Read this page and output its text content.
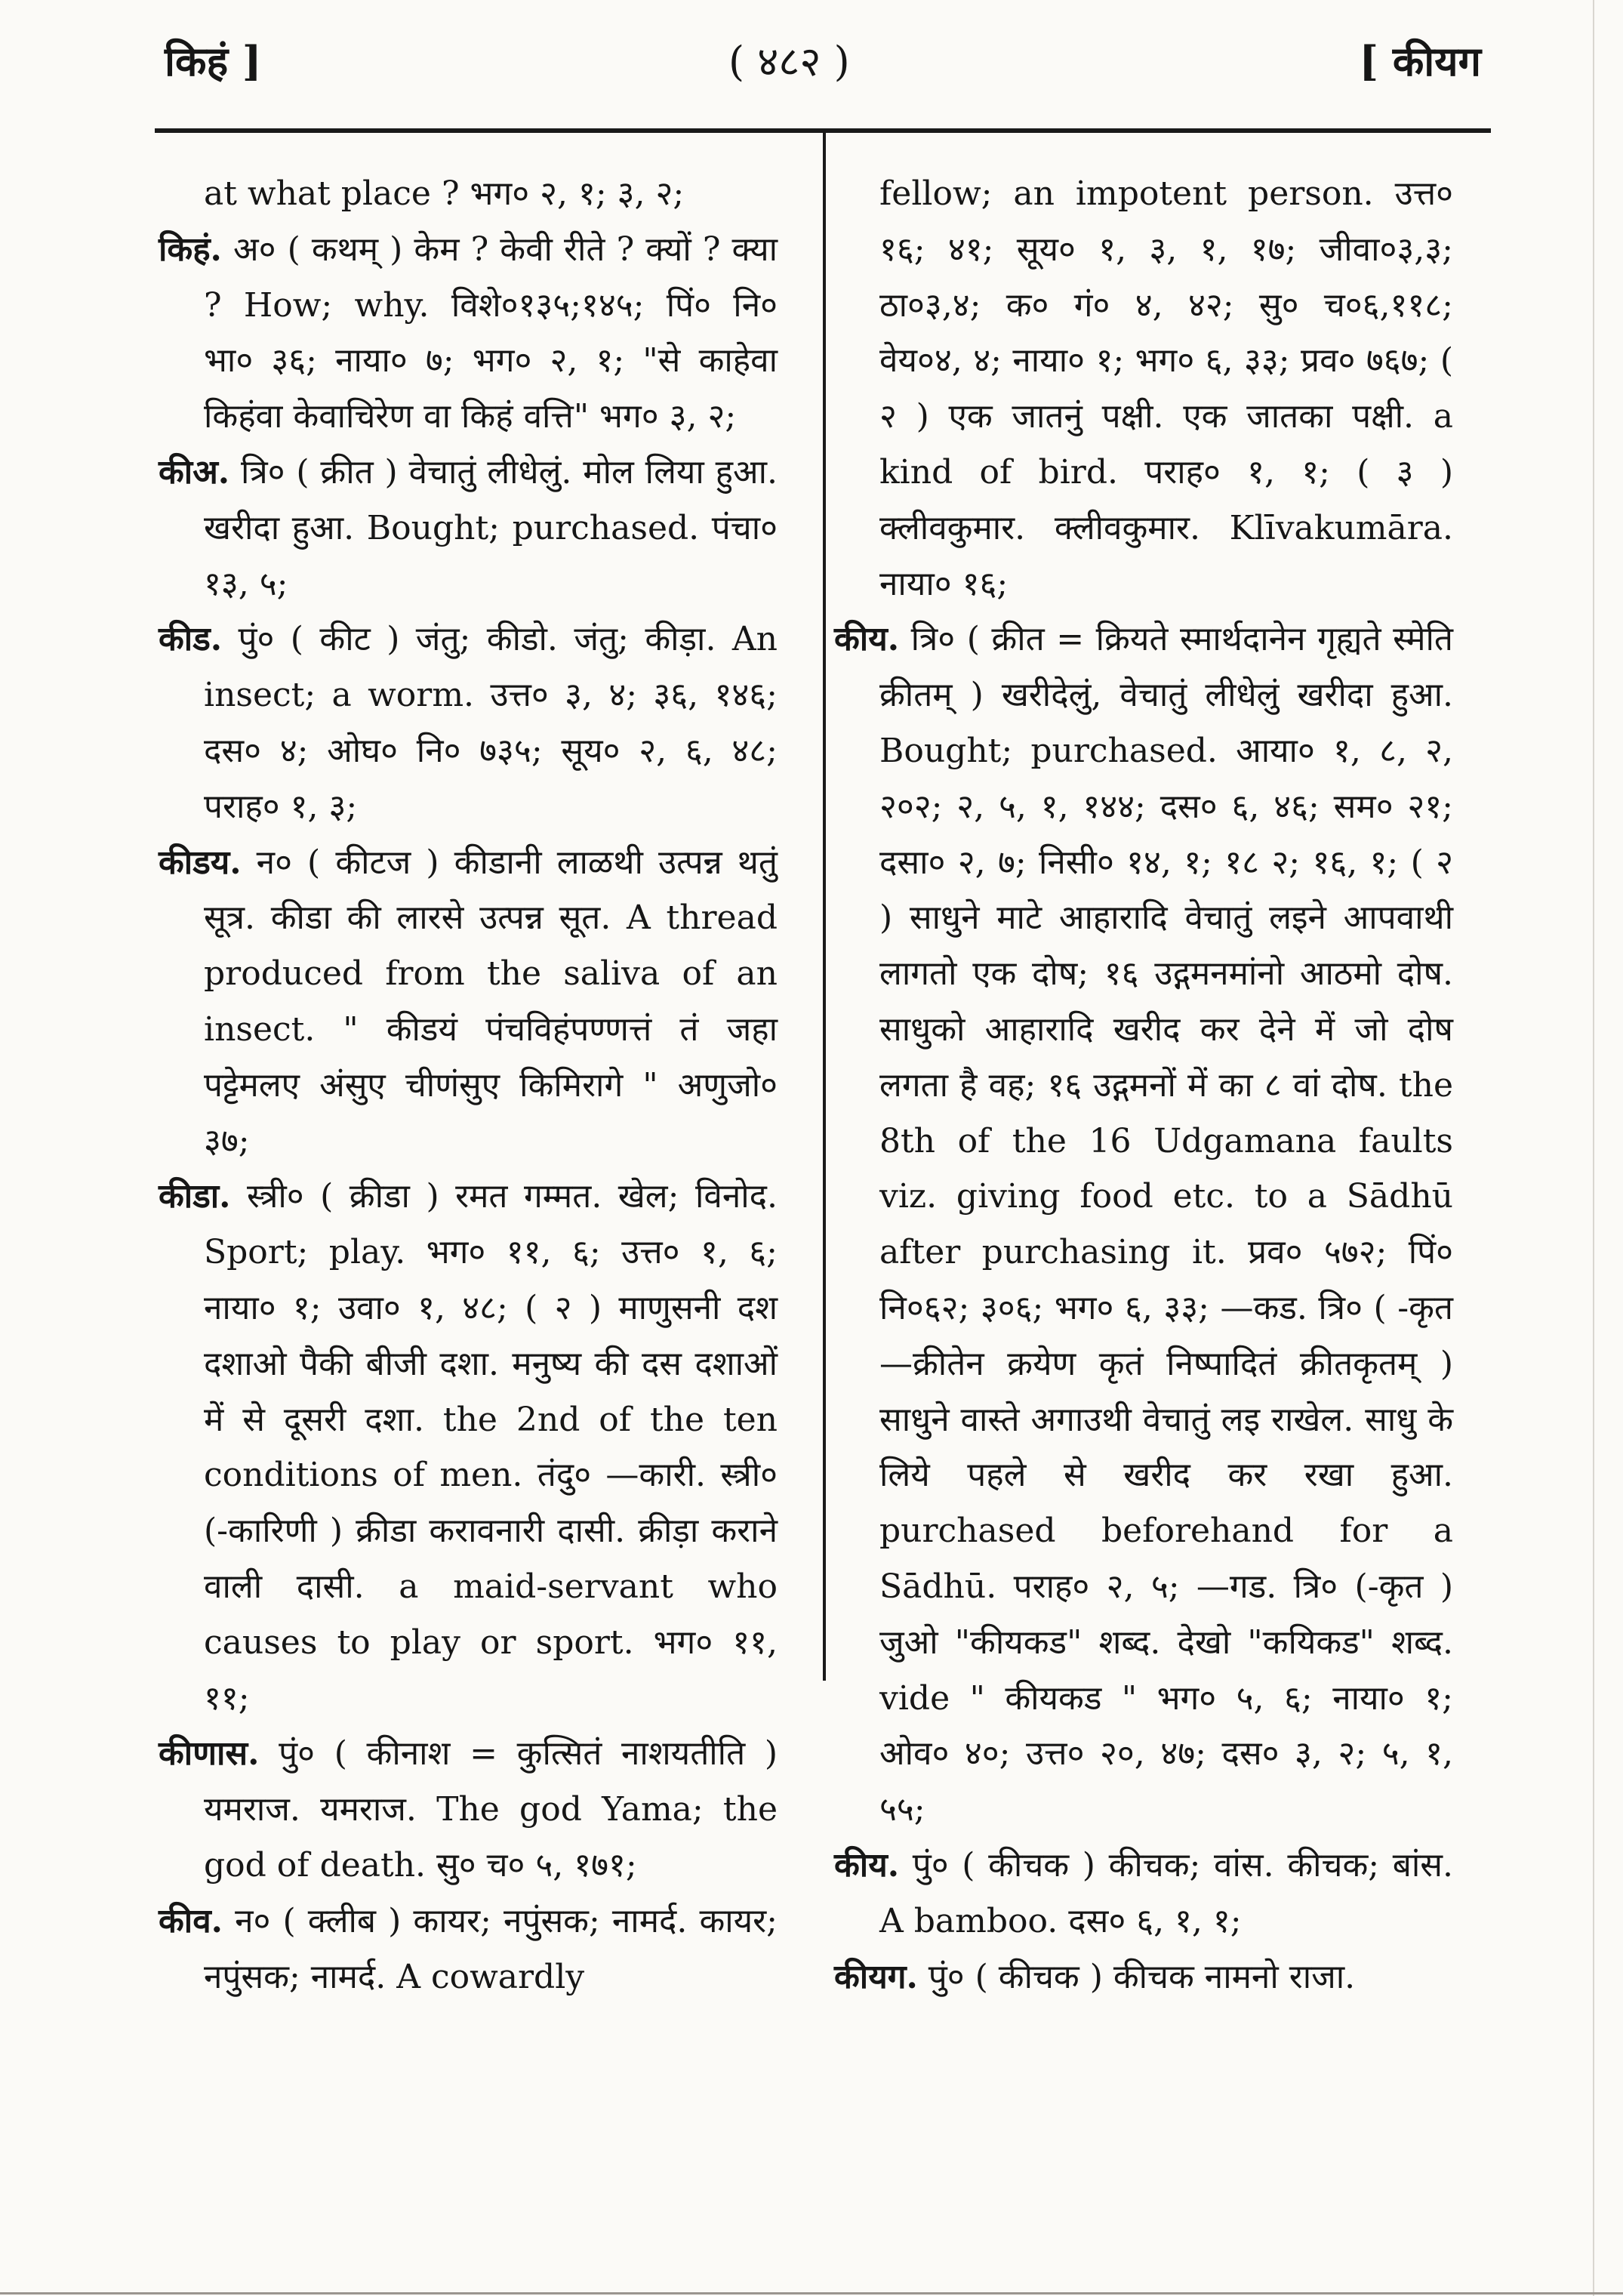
किहं ]	( ४८२ )	[ कीयग

at what place ? भग० २, १; ३, २;

किहं. अ० ( कथम् ) केम ? केवी रीते ? क्यों ? क्या ? How; why. विशे०१३५;१४५; पिं० नि० भा० ३६; नाया० ७; भग० २, १; "से काहेवा किहंवा केवाचिरेण वा किहं वत्ति" भग० ३, २;

कीअ. त्रि० ( क्रीत ) वेचातुं लीधेलुं. मोल लिया हुआ. खरीदा हुआ. Bought; purchased. पंचा० १३, ५;

कीड. पुं० ( कीट ) जंतु; कीडो. जंतु; कीड़ा. An insect; a worm. उत्त० ३, ४; ३६, १४६; दस० ४; ओघ० नि० ७३५; सूय० २, ६, ४८; पराह० १, ३;

कीडय. न० ( कीटज ) कीडानी लाळथी उत्पन्न थतुं सूत्र. कीडा की लारसे उत्पन्न सूत. A thread produced from the saliva of an insect. " कीडयं पंचविहंपण्णत्तं तं जहा पट्टेमलए अंसुए चीणंसुए किमिरागे " अणुजो० ३७;

कीडा. स्त्री० ( क्रीडा ) रमत गम्मत. खेल; विनोद. Sport; play. भग० ११, ६; उत्त० १, ६; नाया० १; उवा० १, ४८; ( २ ) माणुसनी दश दशाओ पैकी बीजी दशा. मनुष्य की दस दशाओं में से दूसरी दशा. the 2nd of the ten conditions of men. तंदु० —कारी. स्त्री० (-कारिणी ) क्रीडा करावनारी दासी. क्रीड़ा कराने वाली दासी. a maid-servant who causes to play or sport. भग० ११, ११;

कीणास. पुं० ( कीनाश = कुत्सितं नाशयतीति ) यमराज. यमराज. The god Yama; the god of death. सु० च० ५, १७१;

कीव. न० ( क्लीब ) कायर; नपुंसक; नामर्द. कायर; नपुंसक; नामर्द. A cowardly

fellow; an impotent person. उत्त० १६; ४१; सूय० १, ३, १, १७; जीवा०३,३; ठा०३,४; क० गं० ४, ४२; सु० च०६,११८; वेय०४, ४; नाया० १; भग० ६, ३३; प्रव० ७६७; ( २ ) एक जातनुं पक्षी. एक जातका पक्षी. a kind of bird. पराह० १, १; ( ३ ) क्लीवकुमार. क्लीवकुमार. Klīvakumāra. नाया० १६;

कीय. त्रि० ( क्रीत = क्रियते स्मार्थदानेन गृह्यते स्मेति क्रीतम् ) खरीदेलुं, वेचातुं लीधेलुं खरीदा हुआ. Bought; purchased. आया० १, ८, २, २०२; २, ५, १, १४४; दस० ६, ४६; सम० २१; दसा० २, ७; निसी० १४, १; १८ २; १६, १; ( २ ) साधुने माटे आहारादि वेचातुं लइने आपवाथी लागतो एक दोष; १६ उद्गमनमांनो आठमो दोष. साधुको आहारादि खरीद कर देने में जो दोष लगता है वह; १६ उद्गमनों में का ८ वां दोष. the 8th of the 16 Udgamana faults viz. giving food etc. to a Sādhū after purchasing it. प्रव० ५७२; पिं० नि०६२; ३०६; भग० ६, ३३; —कड. त्रि० ( -कृत—क्रीतेन क्रयेण कृतं निष्पादितं क्रीतकृतम् ) साधुने वास्ते अगाउथी वेचातुं लइ राखेल. साधु के लिये पहले से खरीद कर रखा हुआ. purchased beforehand for a Sādhū. पराह० २, ५; —गड. त्रि० (-कृत ) जुओ "कीयकड" शब्द. देखो "कयिकड" शब्द. vide " कीयकड " भग० ५, ६; नाया० १; ओव० ४०; उत्त० २०, ४७; दस० ३, २; ५, १, ५५;

कीय. पुं० ( कीचक ) कीचक; वांस. कीचक; बांस. A bamboo. दस० ६, १, १;

कीयग. पुं० ( कीचक ) कीचक नामनो राजा.
